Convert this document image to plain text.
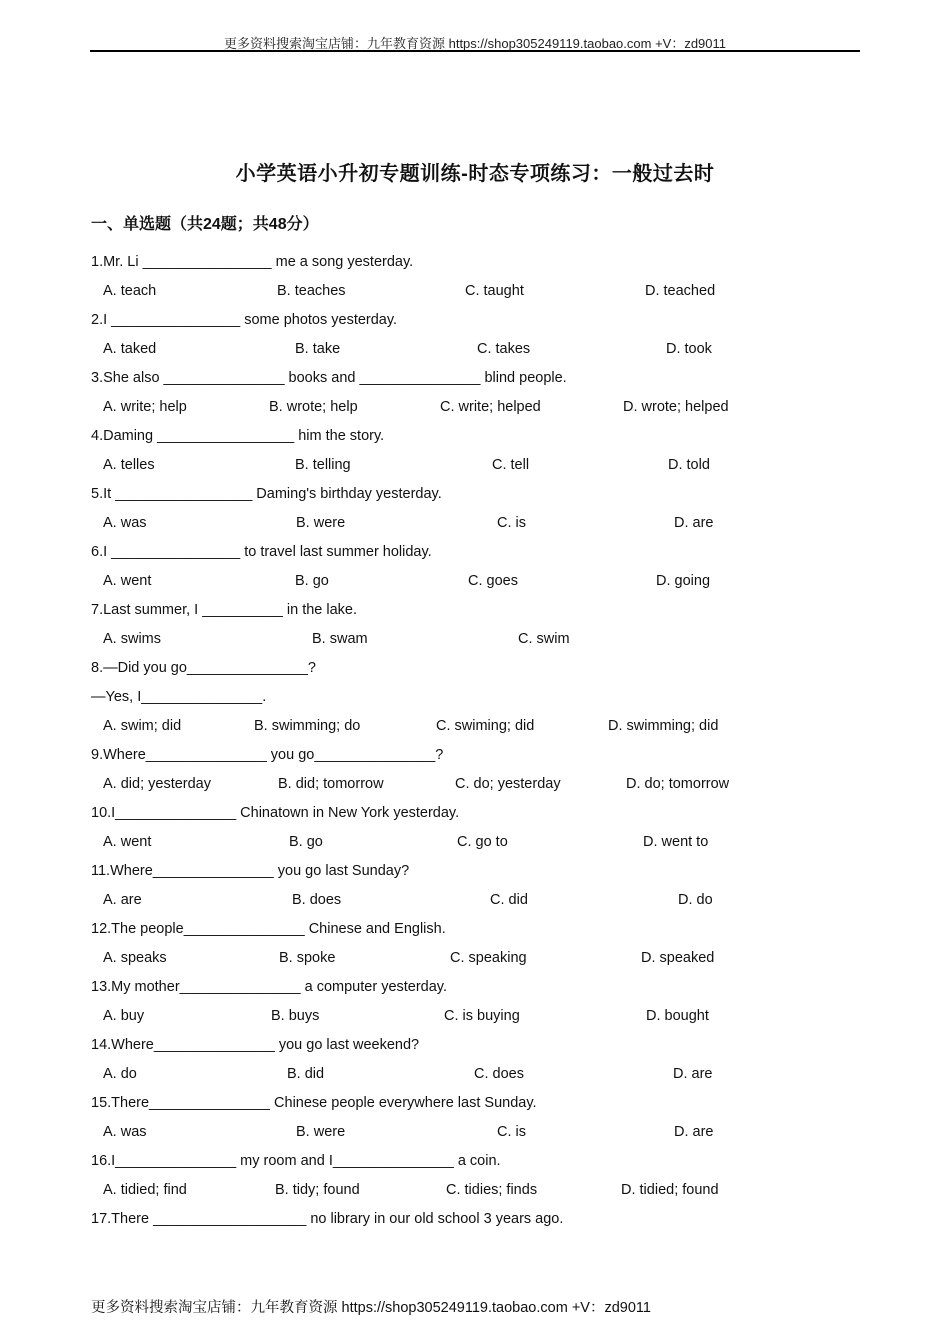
更多资料搜索淘宝店铺：九年教育资源 https://shop305249119.taobao.com +V：zd9011
小学英语小升初专题训练-时态专项练习：一般过去时
一、单选题（共24题；共48分）
1.Mr. Li ________________ me a song yesterday.
A. teach	B. teaches	C. taught	D. teached
2.I ________________ some photos yesterday.
A. taked	B. take	C. takes	D. took
3.She also _______________ books and _______________ blind people.
A. write; help	B. wrote; help	C. write; helped	D. wrote; helped
4.Daming _________________ him the story.
A. telles	B. telling	C. tell	D. told
5.It _________________ Daming's birthday yesterday.
A. was	B. were	C. is	D. are
6.I ________________ to travel last summer holiday.
A. went	B. go	C. goes	D. going
7.Last summer, I __________ in the lake.
A. swims	B. swam	C. swim
8.—Did you go_______________?
—Yes, I_______________.
A. swim; did	B. swimming; do	C. swiming; did	D. swimming; did
9.Where_______________ you go_______________?
A. did; yesterday	B. did; tomorrow	C. do; yesterday	D. do; tomorrow
10.I_______________ Chinatown in New York yesterday.
A. went	B. go	C. go to	D. went to
11.Where_______________ you go last Sunday?
A. are	B. does	C. did	D. do
12.The people_______________ Chinese and English.
A. speaks	B. spoke	C. speaking	D. speaked
13.My mother_______________ a computer yesterday.
A. buy	B. buys	C. is buying	D. bought
14.Where_______________ you go last weekend?
A. do	B. did	C. does	D. are
15.There_______________ Chinese people everywhere last Sunday.
A. was	B. were	C. is	D. are
16.I_______________ my room and I_______________ a coin.
A. tidied; find	B. tidy; found	C. tidies; finds	D. tidied; found
17.There ___________________ no library in our old school 3 years ago.
更多资料搜索淘宝店铺：九年教育资源 https://shop305249119.taobao.com +V：zd9011
